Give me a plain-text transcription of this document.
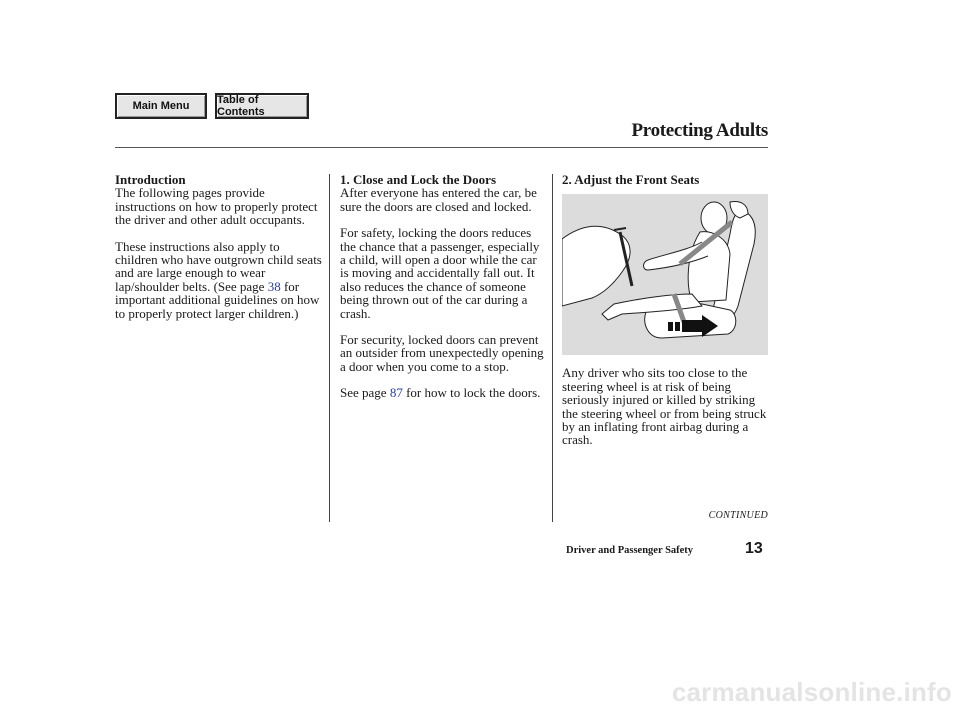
Main Menu	Table of Contents
Protecting Adults

Introduction

The following pages provide instructions on how to properly protect the driver and other adult occupants.

These instructions also apply to children who have outgrown child seats and are large enough to wear lap/shoulder belts. (See page 38 for important additional guidelines on how to properly protect larger children.)

1. Close and Lock the Doors

After everyone has entered the car, be sure the doors are closed and locked.

For safety, locking the doors reduces the chance that a passenger, especially a child, will open a door while the car is moving and accidentally fall out. It also reduces the chance of someone being thrown out of the car during a crash.

For security, locked doors can prevent an outsider from unexpectedly opening a door when you come to a stop.

See page 87 for how to lock the doors.

2. Adjust the Front Seats

Any driver who sits too close to the steering wheel is at risk of being seriously injured or killed by striking the steering wheel or from being struck by an inflating front airbag during a crash.

CONTINUED
Driver and Passenger Safety	13
carmanualsonline.info
